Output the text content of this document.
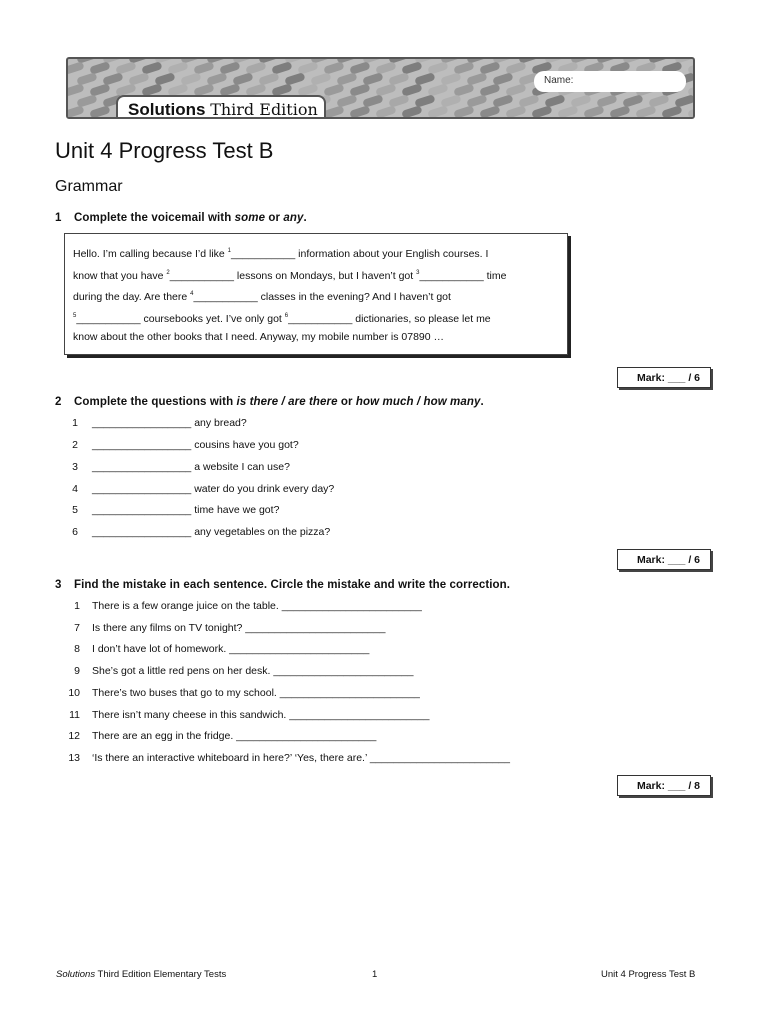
Name:
Solutions Third Edition
Unit 4 Progress Test B
Grammar
1 Complete the voicemail with some or any.
Hello. I’m calling because I’d like $^1$___________ information about your English courses. I
know that you have $^2$___________ lessons on Mondays, but I haven’t got $^3$___________ time
during the day. Are there $^4$___________ classes in the evening? And I haven’t got
$^5$___________ coursebooks yet. I’ve only got $^6$___________ dictionaries, so please let me
know about the other books that I need. Anyway, my mobile number is 07890 …
Mark: ___ / 6
2 Complete the questions with is there / are there or how much / how many.
1 _________________ any bread?
2 _________________ cousins have you got?
3 _________________ a website I can use?
4 _________________ water do you drink every day?
5 _________________ time have we got?
6 _________________ any vegetables on the pizza?
Mark: ___ / 6
3 Find the mistake in each sentence. Circle the mistake and write the correction.
1 There is a few orange juice on the table. ________________________
7 Is there any films on TV tonight? ________________________
8 I don’t have lot of homework. ________________________
9 She’s got a little red pens on her desk. ________________________
10 There’s two buses that go to my school. ________________________
11 There isn’t many cheese in this sandwich. ________________________
12 There are an egg in the fridge. ________________________
13 ‘Is there an interactive whiteboard in here?’ ‘Yes, there are.’ ________________________
Mark: ___ / 8
Solutions Third Edition Elementary Tests	1	Unit 4 Progress Test B
